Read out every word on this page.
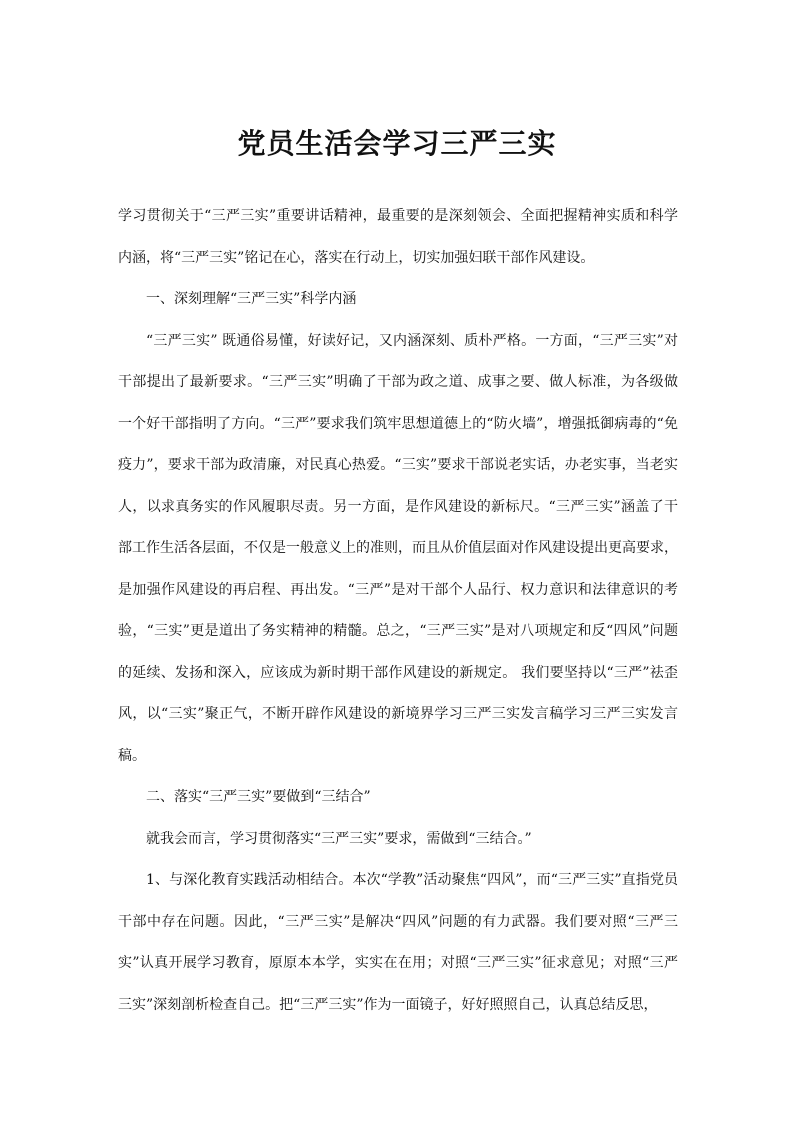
党员生活会学习三严三实

学习贯彻关于“三严三实”重要讲话精神，最重要的是深刻领会、全面把握精神实质和科学内涵，将“三严三实”铭记在心，落实在行动上，切实加强妇联干部作风建设。

一、深刻理解“三严三实”科学内涵

“三严三实” 既通俗易懂，好读好记，又内涵深刻、质朴严格。一方面，“三严三实”对干部提出了最新要求。“三严三实”明确了干部为政之道、成事之要、做人标准，为各级做一个好干部指明了方向。“三严”要求我们筑牢思想道德上的“防火墙”，增强抵御病毒的“免疫力”，要求干部为政清廉，对民真心热爱。“三实”要求干部说老实话，办老实事，当老实人，以求真务实的作风履职尽责。另一方面，是作风建设的新标尺。“三严三实”涵盖了干部工作生活各层面，不仅是一般意义上的准则，而且从价值层面对作风建设提出更高要求，是加强作风建设的再启程、再出发。“三严”是对干部个人品行、权力意识和法律意识的考验，“三实”更是道出了务实精神的精髓。总之，“三严三实”是对八项规定和反“四风”问题的延续、发扬和深入，应该成为新时期干部作风建设的新规定。 我们要坚持以“三严”祛歪风，以“三实”聚正气，不断开辟作风建设的新境界学习三严三实发言稿学习三严三实发言稿。

二、落实“三严三实”要做到“三结合”

就我会而言，学习贯彻落实“三严三实”要求，需做到“三结合。”

1、与深化教育实践活动相结合。本次“学教”活动聚焦“四风”，而“三严三实”直指党员干部中存在问题。因此，“三严三实”是解决“四风”问题的有力武器。我们要对照“三严三实”认真开展学习教育，原原本本学，实实在在用；对照“三严三实”征求意见；对照“三严三实”深刻剖析检查自己。把“三严三实”作为一面镜子，好好照照自己，认真总结反思，
